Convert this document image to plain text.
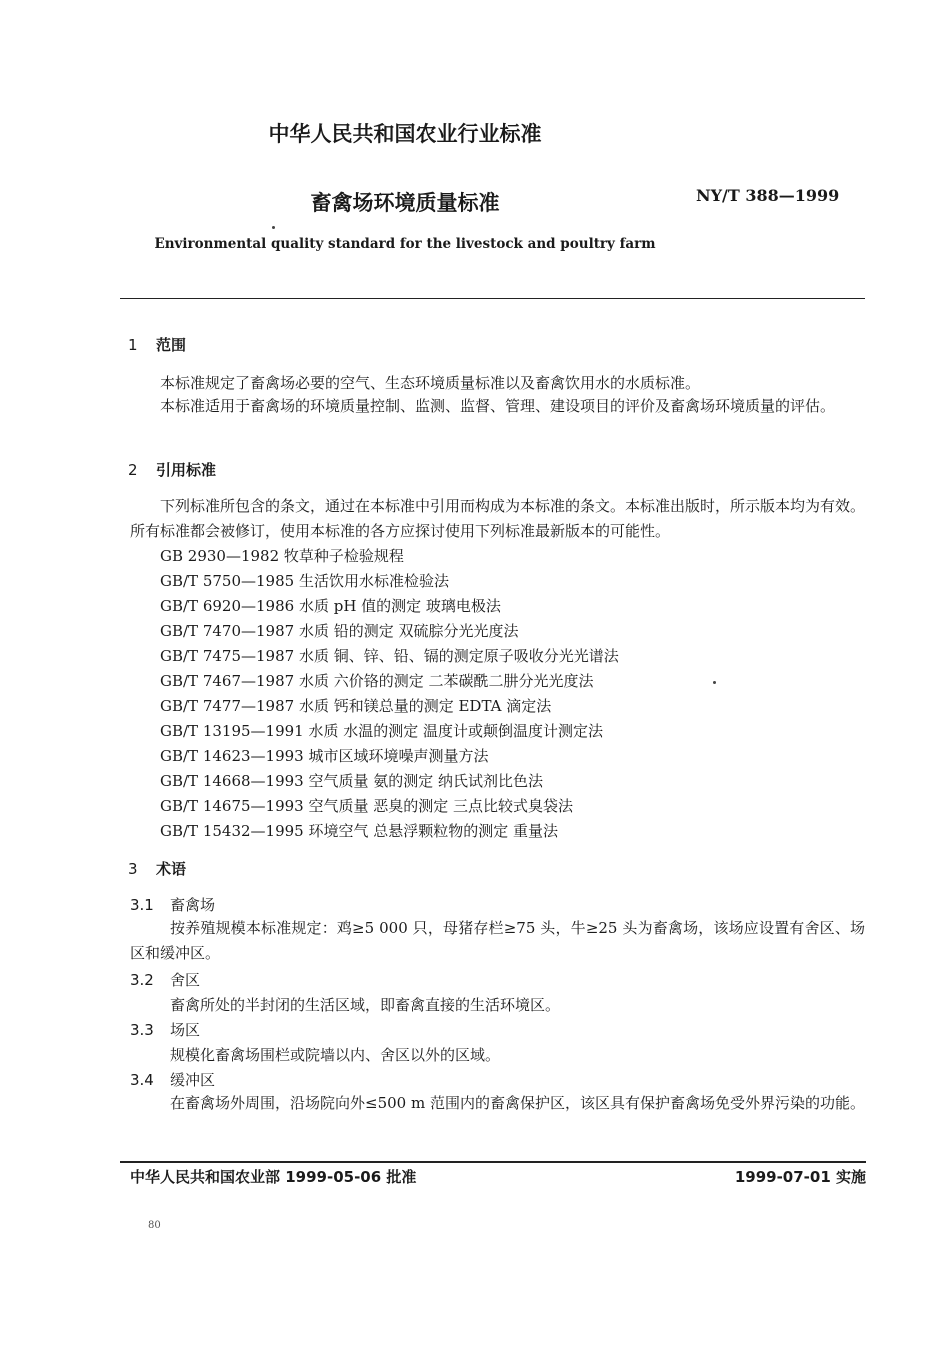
中华人民共和国农业行业标准
畜禽场环境质量标准	NY/T 388—1999
Environmental quality standard for the livestock and poultry farm
1 范围
本标准规定了畜禽场必要的空气、生态环境质量标准以及畜禽饮用水的水质标准。
本标准适用于畜禽场的环境质量控制、监测、监督、管理、建设项目的评价及畜禽场环境质量的评估。
2 引用标准
下列标准所包含的条文，通过在本标准中引用而构成为本标准的条文。本标准出版时，所示版本均为有效。所有标准都会被修订，使用本标准的各方应探讨使用下列标准最新版本的可能性。
GB 2930—1982 牧草种子检验规程
GB/T 5750—1985 生活饮用水标准检验法
GB/T 6920—1986 水质 pH 值的测定 玻璃电极法
GB/T 7470—1987 水质 铅的测定 双硫腙分光光度法
GB/T 7475—1987 水质 铜、锌、铅、镉的测定原子吸收分光光谱法
GB/T 7467—1987 水质 六价铬的测定 二苯碳酰二肼分光光度法
GB/T 7477—1987 水质 钙和镁总量的测定 EDTA 滴定法
GB/T 13195—1991 水质 水温的测定 温度计或颠倒温度计测定法
GB/T 14623—1993 城市区域环境噪声测量方法
GB/T 14668—1993 空气质量 氨的测定 纳氏试剂比色法
GB/T 14675—1993 空气质量 恶臭的测定 三点比较式臭袋法
GB/T 15432—1995 环境空气 总悬浮颗粒物的测定 重量法
3 术语
3.1 畜禽场
按养殖规模本标准规定：鸡≥5 000 只，母猪存栏≥75 头，牛≥25 头为畜禽场，该场应设置有舍区、场区和缓冲区。
3.2 舍区
畜禽所处的半封闭的生活区域，即畜禽直接的生活环境区。
3.3 场区
规模化畜禽场围栏或院墙以内、舍区以外的区域。
3.4 缓冲区
在畜禽场外周围，沿场院向外≤500 m 范围内的畜禽保护区，该区具有保护畜禽场免受外界污染的功能。
中华人民共和国农业部 1999-05-06 批准	1999-07-01 实施
80
